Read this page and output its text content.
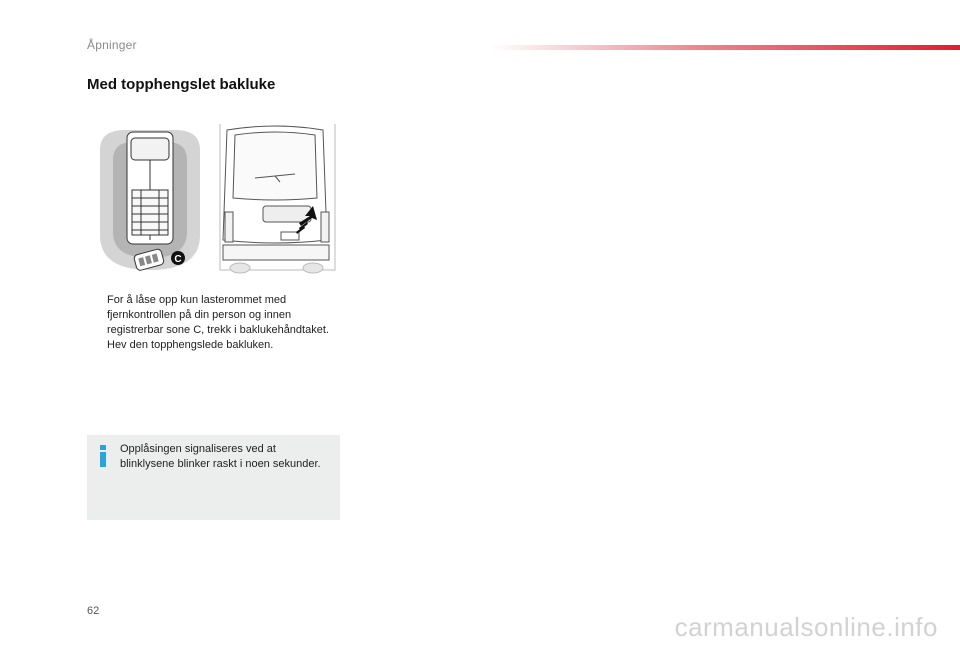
Åpninger
Med topphengslet bakluke
C
For å låse opp kun lasterommet med fjernkontrollen på din person og innen registrerbar sone C, trekk i baklukehåndtaket.
Hev den topphengslede bakluken.

Opplåsingen signaliseres ved at blinklysene blinker raskt i noen sekunder.

62
carmanualsonline.info
